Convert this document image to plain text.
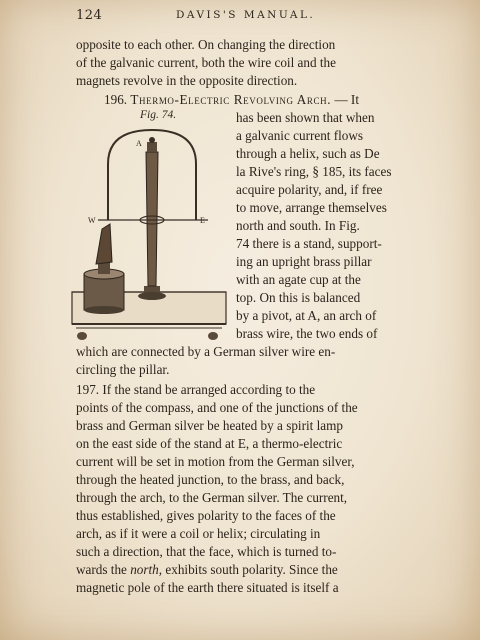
124	DAVIS'S MANUAL.
opposite to each other. On changing the direction
of the galvanic current, both the wire coil and the
magnets revolve in the opposite direction.
196. Thermo-Electric Revolving Arch. — It
Fig. 74.	has been shown that when
a galvanic current flows
through a helix, such as De
la Rive's ring, § 185, its faces
acquire polarity, and, if free
to move, arrange themselves
north and south. In Fig.
74 there is a stand, support-
ing an upright brass pillar
with an agate cup at the
top. On this is balanced
by a pivot, at A, an arch of
brass wire, the two ends of
A
W	E
which are connected by a German silver wire en-
circling the pillar.
197. If the stand be arranged according to the
points of the compass, and one of the junctions of the
brass and German silver be heated by a spirit lamp
on the east side of the stand at E, a thermo-electric
current will be set in motion from the German silver,
through the heated junction, to the brass, and back,
through the arch, to the German silver. The current,
thus established, gives polarity to the faces of the
arch, as if it were a coil or helix; circulating in
such a direction, that the face, which is turned to-
wards the north, exhibits south polarity. Since the
magnetic pole of the earth there situated is itself a
